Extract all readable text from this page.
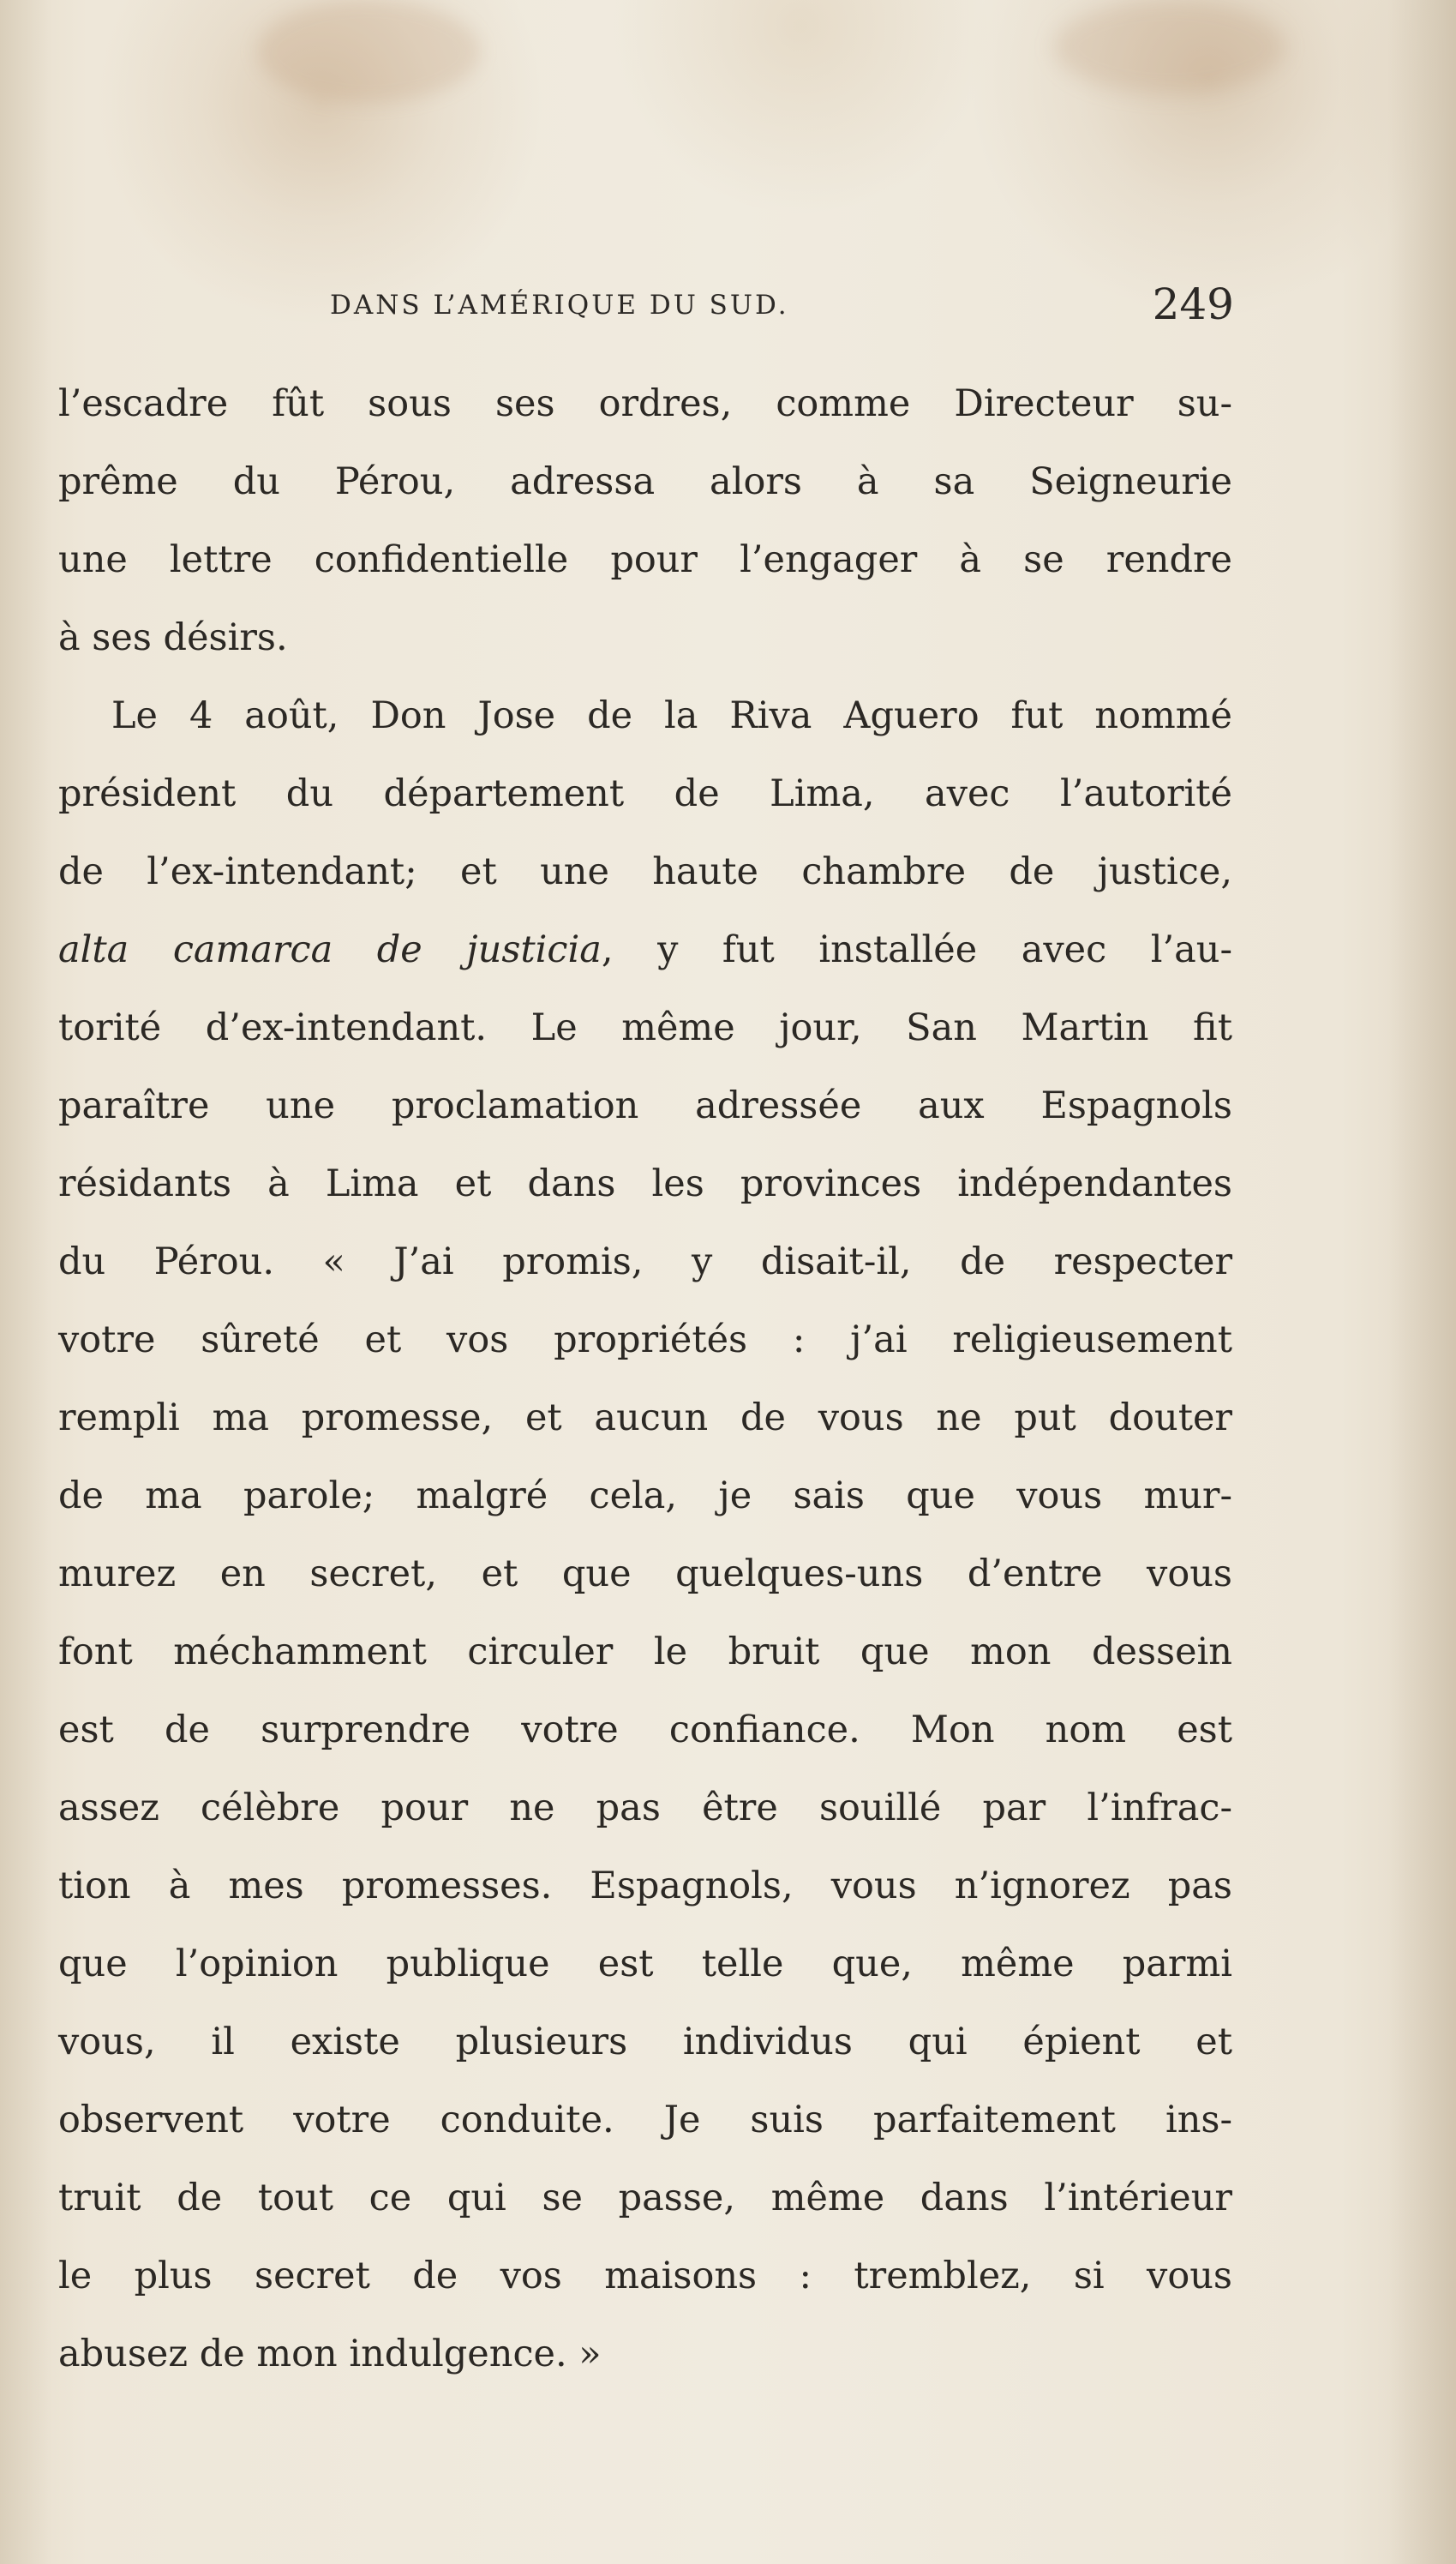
DANS L’AMÉRIQUE DU SUD.	249
l’escadre fût sous ses ordres, comme Directeur su-
prême du Pérou, adressa alors à sa Seigneurie
une lettre confidentielle pour l’engager à se rendre
à ses désirs.
Le 4 août, Don Jose de la Riva Aguero fut nommé
président du département de Lima, avec l’autorité
de l’ex-intendant; et une haute chambre de justice,
alta camarca de justicia, y fut installée avec l’au-
torité d’ex-intendant. Le même jour, San Martin fit
paraître une proclamation adressée aux Espagnols
résidants à Lima et dans les provinces indépendantes
du Pérou. « J’ai promis, y disait-il, de respecter
votre sûreté et vos propriétés : j’ai religieusement
rempli ma promesse, et aucun de vous ne put douter
de ma parole; malgré cela, je sais que vous mur-
murez en secret, et que quelques-uns d’entre vous
font méchamment circuler le bruit que mon dessein
est de surprendre votre confiance. Mon nom est
assez célèbre pour ne pas être souillé par l’infrac-
tion à mes promesses. Espagnols, vous n’ignorez pas
que l’opinion publique est telle que, même parmi
vous, il existe plusieurs individus qui épient et
observent votre conduite. Je suis parfaitement ins-
truit de tout ce qui se passe, même dans l’intérieur
le plus secret de vos maisons : tremblez, si vous
abusez de mon indulgence. »
